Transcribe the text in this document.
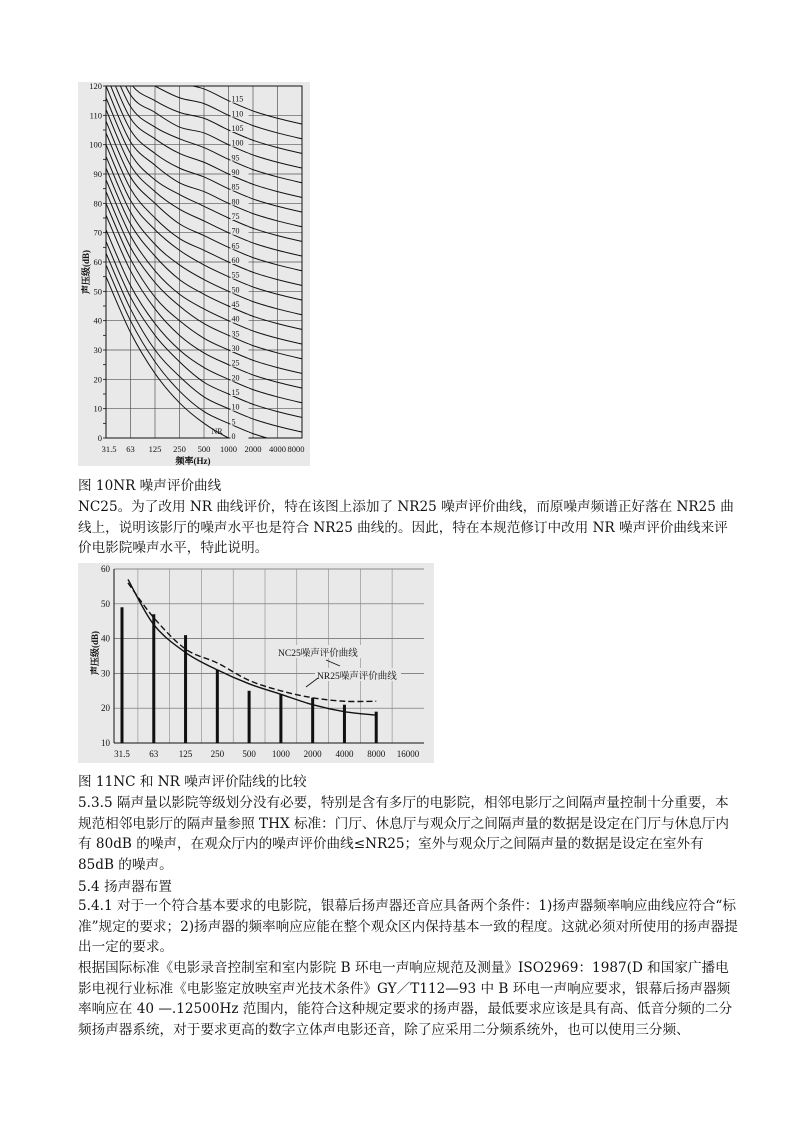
0
10
20
30
40
50
60
70
80
90
100
110
120
31.5 63 125 250 500 1000 2000 4000 8000
频率(Hz)
声压级(dB)
0
5
10
15
20
25
30
35
40
45
50
55
60
65
70
75
80
85
90
95
100
105
110
115
NR

图 10NR 噪声评价曲线

NC25。为了改用 NR 曲线评价，特在该图上添加了 NR25 噪声评价曲线，而原噪声频谱正好落在 NR25 曲线上，说明该影厅的噪声水平也是符合 NR25 曲线的。因此，特在本规范修订中改用 NR 噪声评价曲线来评价电影院噪声水平，特此说明。

10
20
30
40
50
60
31.5 63 125 250 500 1000 2000 4000 8000 16000
声压级(dB)	NC25噪声评价曲线
NR25噪声评价曲线

图 11NC 和 NR 噪声评价陆线的比较

5.3.5 隔声量以影院等级划分没有必要，特别是含有多厅的电影院，相邻电影厅之间隔声量控制十分重要，本规范相邻电影厅的隔声量参照 THX 标准：门厅、休息厅与观众厅之间隔声量的数据是设定在门厅与休息厅内有 80dB 的噪声，在观众厅内的噪声评价曲线≤NR25；室外与观众厅之间隔声量的数据是设定在室外有 85dB 的噪声。

5.4 扬声器布置

5.4.1 对于一个符合基本要求的电影院，银幕后扬声器还音应具备两个条件：1)扬声器频率响应曲线应符合“标准”规定的要求；2)扬声器的频率响应应能在整个观众区内保持基本一致的程度。这就必须对所使用的扬声器提出一定的要求。

根据国际标准《电影录音控制室和室内影院 B 环电一声响应规范及测量》ISO2969：1987(D 和国家广播电影电视行业标准《电影鉴定放映室声光技术条件》GY／T112—93 中 B 环电一声响应要求，银幕后扬声器频率响应在 40 —.12500Hz 范围内，能符合这种规定要求的扬声器，最低要求应该是具有高、低音分频的二分频扬声器系统，对于要求更高的数字立体声电影还音，除了应采用二分频系统外，也可以使用三分频、
